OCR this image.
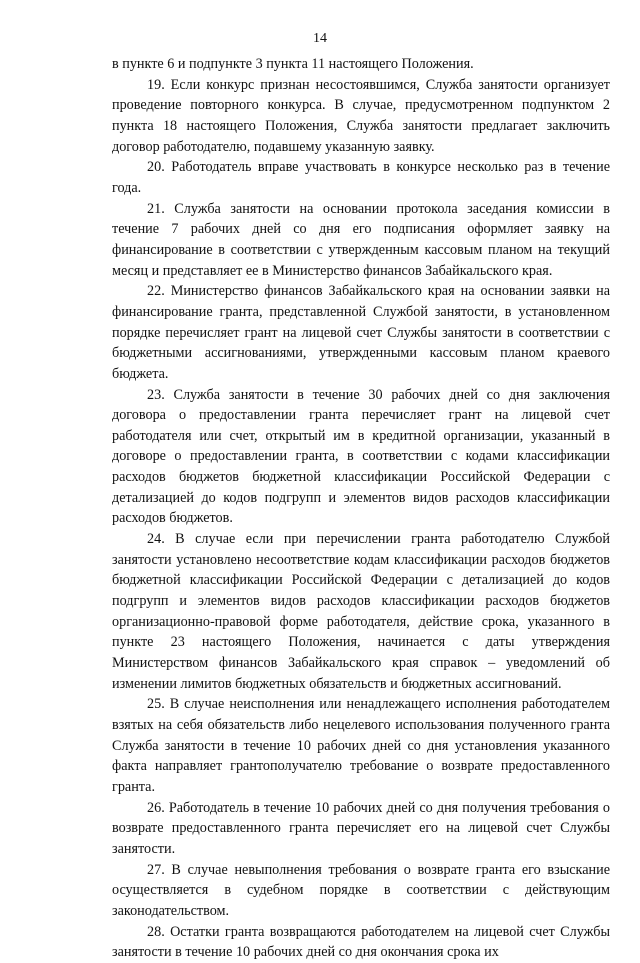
14

в пункте 6 и подпункте 3 пункта 11 настоящего Положения.

19. Если конкурс признан несостоявшимся, Служба занятости организует проведение повторного конкурса. В случае, предусмотренном подпунктом 2 пункта 18 настоящего Положения, Служба занятости предлагает заключить договор работодателю, подавшему указанную заявку.

20. Работодатель вправе участвовать в конкурсе несколько раз в течение года.

21. Служба занятости на основании протокола заседания комиссии в течение 7 рабочих дней со дня его подписания оформляет заявку на финансирование в соответствии с утвержденным кассовым планом на текущий месяц и представляет ее в Министерство финансов Забайкальского края.

22. Министерство финансов Забайкальского края на основании заявки на финансирование гранта, представленной Службой занятости, в установленном порядке перечисляет грант на лицевой счет Службы занятости в соответствии с бюджетными ассигнованиями, утвержденными кассовым планом краевого бюджета.

23. Служба занятости в течение 30 рабочих дней со дня заключения договора о предоставлении гранта перечисляет грант на лицевой счет работодателя или счет, открытый им в кредитной организации, указанный в договоре о предоставлении гранта, в соответствии с кодами классификации расходов бюджетов бюджетной классификации Российской Федерации с детализацией до кодов подгрупп и элементов видов расходов классификации расходов бюджетов.

24. В случае если при перечислении гранта работодателю Службой занятости установлено несоответствие кодам классификации расходов бюджетов бюджетной классификации Российской Федерации с детализацией до кодов подгрупп и элементов видов расходов классификации расходов бюджетов организационно-правовой форме работодателя, действие срока, указанного в пункте 23 настоящего Положения, начинается с даты утверждения Министерством финансов Забайкальского края справок – уведомлений об изменении лимитов бюджетных обязательств и бюджетных ассигнований.

25. В случае неисполнения или ненадлежащего исполнения работодателем взятых на себя обязательств либо нецелевого использования полученного гранта Служба занятости в течение 10 рабочих дней со дня установления указанного факта направляет грантополучателю требование о возврате предоставленного гранта.

26. Работодатель в течение 10 рабочих дней со дня получения требования о возврате предоставленного гранта перечисляет его на лицевой счет Службы занятости.

27. В случае невыполнения требования о возврате гранта его взыскание осуществляется в судебном порядке в соответствии с действующим законодательством.

28. Остатки гранта возвращаются работодателем на лицевой счет Службы занятости в течение 10 рабочих дней со дня окончания срока их
